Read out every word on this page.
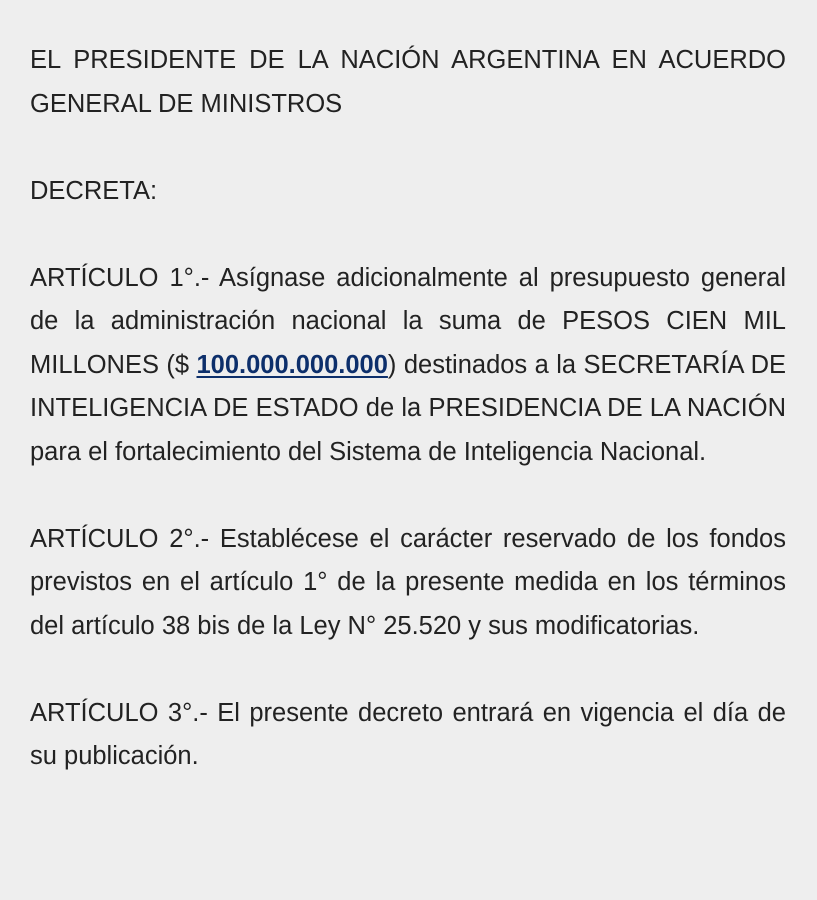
EL PRESIDENTE DE LA NACIÓN ARGENTINA EN ACUERDO GENERAL DE MINISTROS

DECRETA:

ARTÍCULO 1°.- Asígnase adicionalmente al presupuesto general de la administración nacional la suma de PESOS CIEN MIL MILLONES ($ 100.000.000.000) destinados a la SECRETARÍA DE INTELIGENCIA DE ESTADO de la PRESIDENCIA DE LA NACIÓN para el fortalecimiento del Sistema de Inteligencia Nacional.

ARTÍCULO 2°.- Establécese el carácter reservado de los fondos previstos en el artículo 1° de la presente medida en los términos del artículo 38 bis de la Ley N° 25.520 y sus modificatorias.

ARTÍCULO 3°.- El presente decreto entrará en vigencia el día de su publicación.
